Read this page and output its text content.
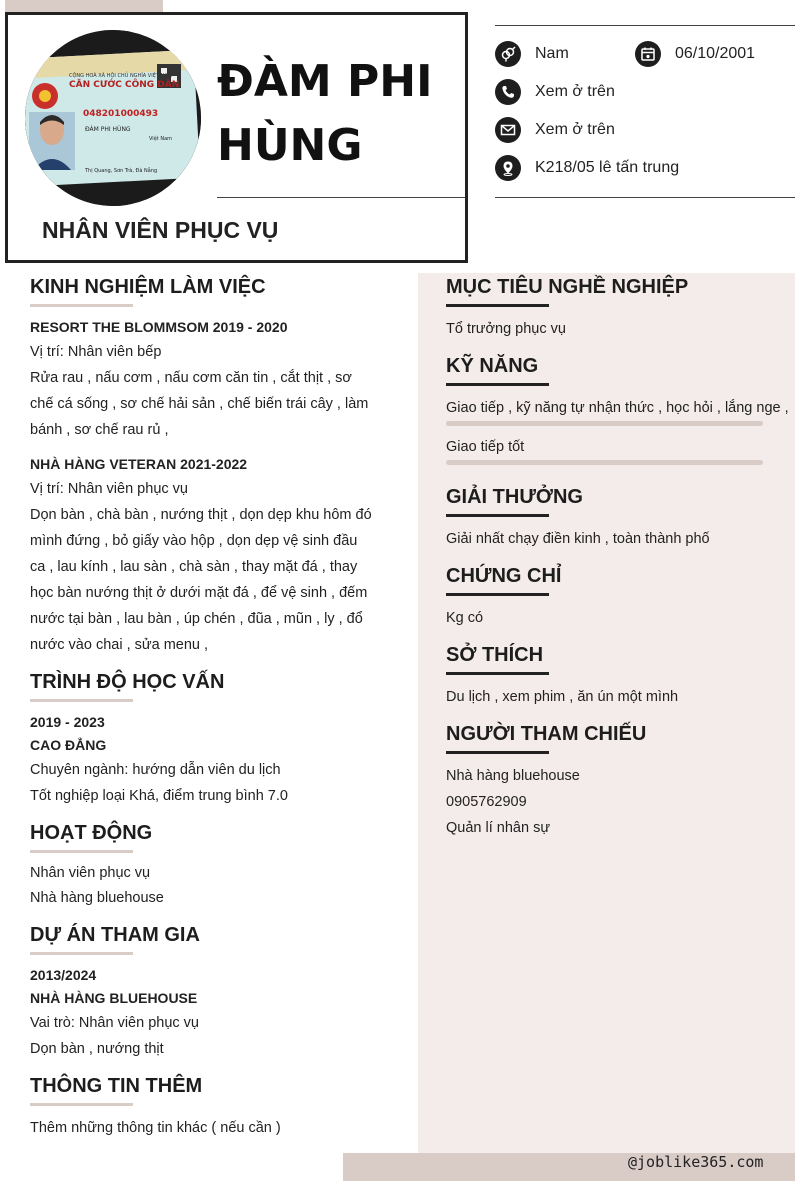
CỘNG HOÀ XÃ HỘI CHỦ NGHĨA VIỆT NAM
CĂN CƯỚC CÔNG DÂN
048201000493
ĐÀM PHI HÙNG
Việt Nam
Thị Quang, Sơn Trà, Đà Nẵng
ĐÀM PHI
HÙNG
NHÂN VIÊN PHỤC VỤ
Nam	06/10/2001
Xem ở trên
Xem ở trên
K218/05 lê tấn trung
KINH NGHIỆM LÀM VIỆC
RESORT THE BLOMMSOM 2019 - 2020
Vị trí: Nhân viên bếp
Rửa rau , nấu cơm , nấu cơm căn tin , cắt thịt , sơ
chế cá sống , sơ chế hải sản , chế biến trái cây , làm
bánh , sơ chế rau rủ ,
NHÀ HÀNG VETERAN 2021-2022
Vị trí: Nhân viên phục vụ
Dọn bàn , chà bàn , nướng thịt , dọn dẹp khu hôm đó
mình đứng , bỏ giấy vào hộp , dọn dẹp vệ sinh đầu
ca , lau kính , lau sàn , chà sàn , thay mặt đá , thay
học bàn nướng thịt ở dưới mặt đá , để vệ sinh , đếm
nước tại bàn , lau bàn , úp chén , đũa , mũn , ly , đổ
nước vào chai , sửa menu ,
TRÌNH ĐỘ HỌC VẤN
2019 - 2023
CAO ĐẲNG
Chuyên ngành: hướng dẫn viên du lịch
Tốt nghiệp loại Khá, điểm trung bình 7.0
HOẠT ĐỘNG
Nhân viên phục vụ
Nhà hàng bluehouse
DỰ ÁN THAM GIA
2013/2024
NHÀ HÀNG BLUEHOUSE
Vai trò: Nhân viên phục vụ
Dọn bàn , nướng thịt
THÔNG TIN THÊM
Thêm những thông tin khác ( nếu cần )
MỤC TIÊU NGHỀ NGHIỆP
Tổ trưởng phục vụ
KỸ NĂNG
Giao tiếp , kỹ năng tự nhận thức , học hỏi , lắng nge ,
Giao tiếp tốt
GIẢI THƯỞNG
Giải nhất chạy điền kinh , toàn thành phố
CHỨNG CHỈ
Kg có
SỞ THÍCH
Du lịch , xem phim , ăn ún một mình
NGƯỜI THAM CHIẾU
Nhà hàng bluehouse
0905762909
Quản lí nhân sự
@joblike365.com
